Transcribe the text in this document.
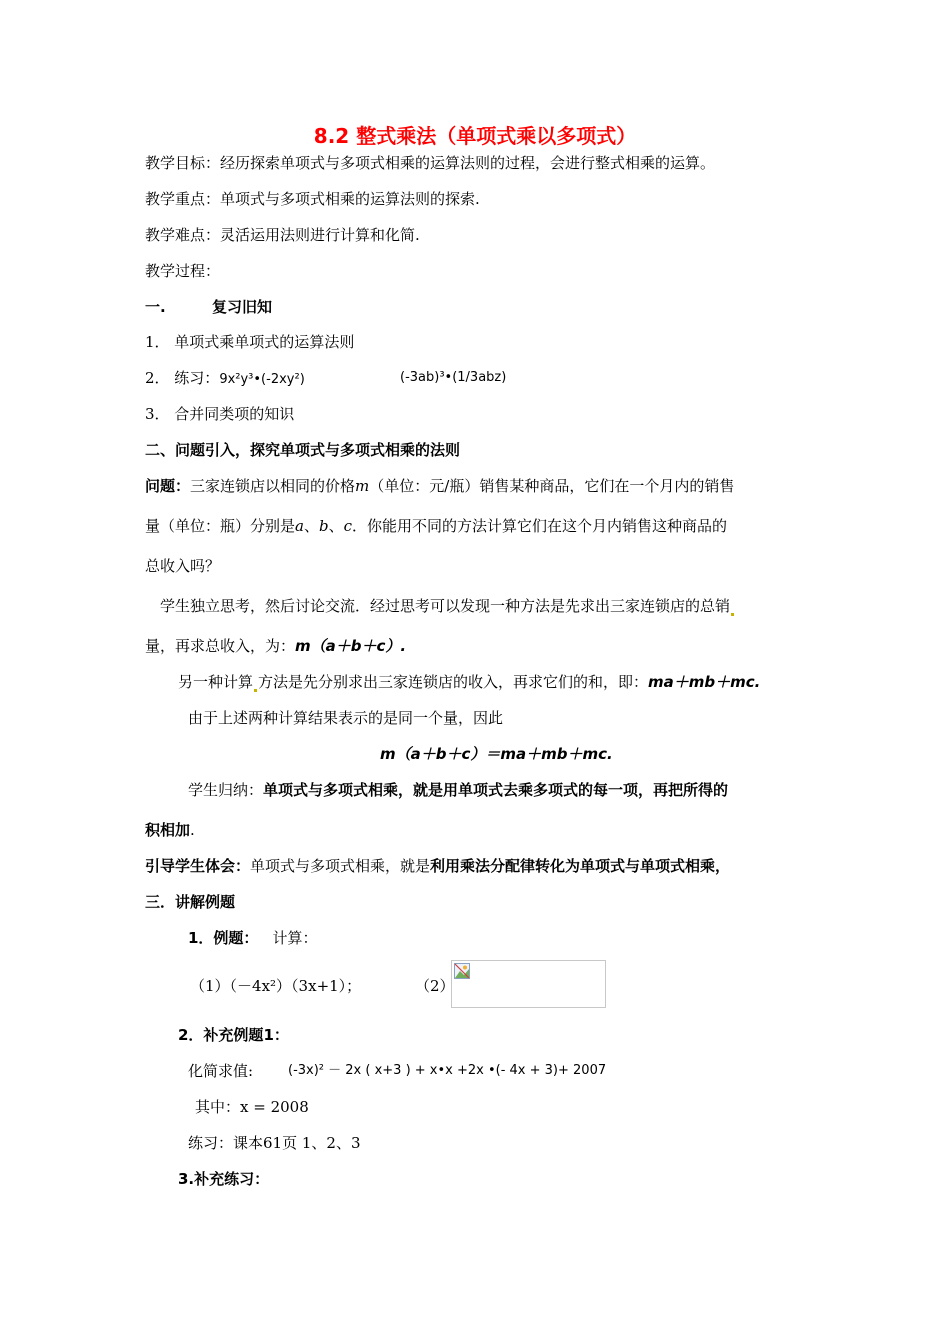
8.2 整式乘法（单项式乘以多项式）
教学目标：经历探索单项式与多项式相乘的运算法则的过程，会进行整式相乘的运算。
教学重点：单项式与多项式相乘的运算法则的探索.
教学难点：灵活运用法则进行计算和化简.
教学过程：
一.	复习旧知
1． 单项式乘单项式的运算法则
2． 练习：9x²y³•(-2xy²)	(-3ab)³•(1/3abz)
3． 合并同类项的知识
二、问题引入，探究单项式与多项式相乘的法则
问题：三家连锁店以相同的价格m（单位：元/瓶）销售某种商品，它们在一个月内的销售
量（单位：瓶）分别是a、b、c．你能用不同的方法计算它们在这个月内销售这种商品的
总收入吗？
学生独立思考，然后讨论交流．经过思考可以发现一种方法是先求出三家连锁店的总销
量，再求总收入，为：m（a＋b＋c）.
另一种计算 方法是先分别求出三家连锁店的收入，再求它们的和，即：ma＋mb＋mc.
由于上述两种计算结果表示的是同一个量，因此
m（a＋b＋c）＝ma＋mb＋mc.
学生归纳：单项式与多项式相乘，就是用单项式去乘多项式的每一项，再把所得的
积相加.
引导学生体会：单项式与多项式相乘，就是利用乘法分配律转化为单项式与单项式相乘，
三．讲解例题
1．例题： 计算：
（1）（－4x²）（3x+1）；	（2）
2．补充例题1：
化简求值:	(-3x)² － 2x ( x+3 ) + x•x +2x •(- 4x + 3)+ 2007
其中：x = 2008
练习：课本61页 1、2、3
3.补充练习：
